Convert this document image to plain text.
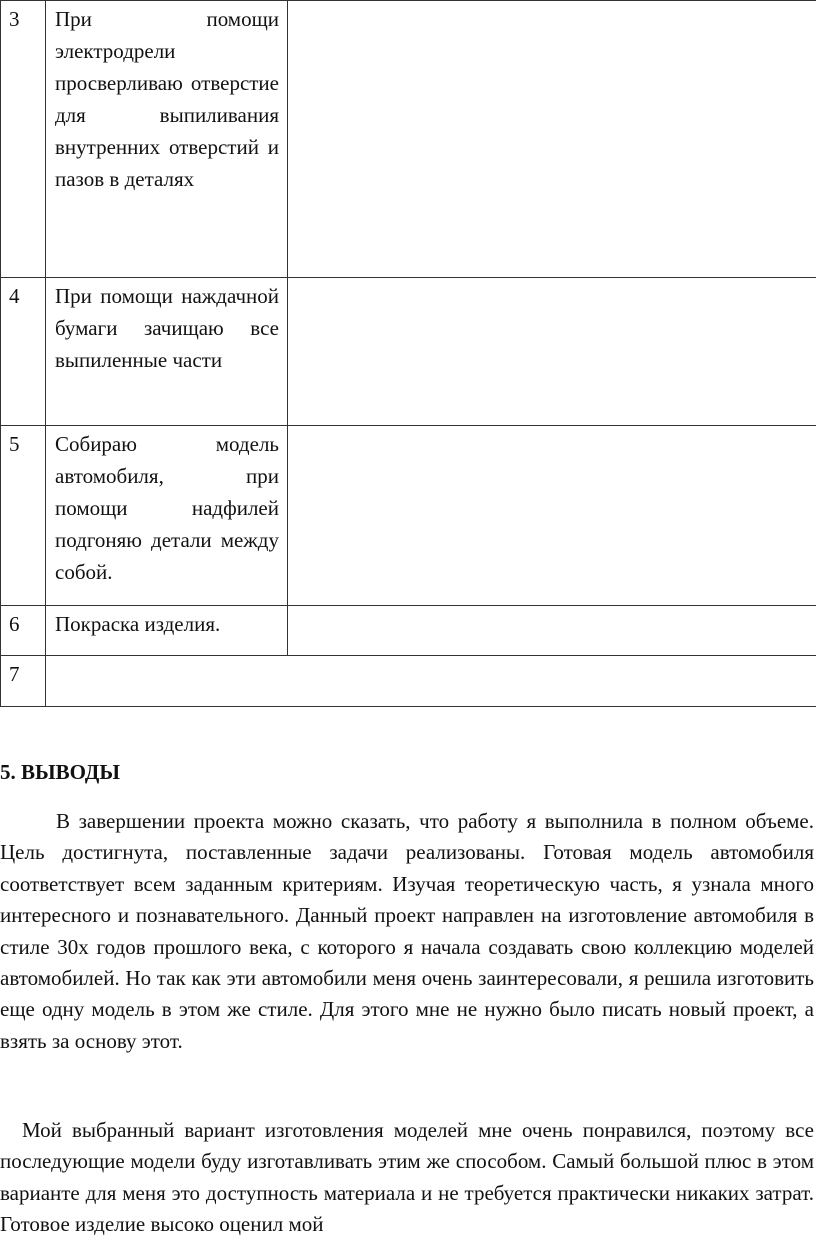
3	При помощи электродрели просверливаю отверстие для выпиливания внутренних отверстий и пазов в деталях	

4	При помощи наждачной бумаги зачищаю все выпиленные части	

5	Собираю модель автомобиля, при помощи надфилей подгоняю детали между собой.	

6	Покраска изделия.	

7		
5. ВЫВОДЫ

В завершении проекта можно сказать, что работу я выполнила в полном объеме. Цель достигнута, поставленные задачи реализованы. Готовая модель автомобиля соответствует всем заданным критериям. Изучая теоретическую часть, я узнала много интересного и познавательного. Данный проект направлен на изготовление автомобиля в стиле 30х годов прошлого века, с которого я начала создавать свою коллекцию моделей автомобилей. Но так как эти автомобили меня очень заинтересовали, я решила изготовить еще одну модель в этом же стиле. Для этого мне не нужно было писать новый проект, а взять за основу этот.

Мой выбранный вариант изготовления моделей мне очень понравился, поэтому все последующие модели буду изготавливать этим же способом. Самый большой плюс в этом варианте для меня это доступность материала и не требуется практически никаких затрат. Готовое изделие высоко оценил мой
